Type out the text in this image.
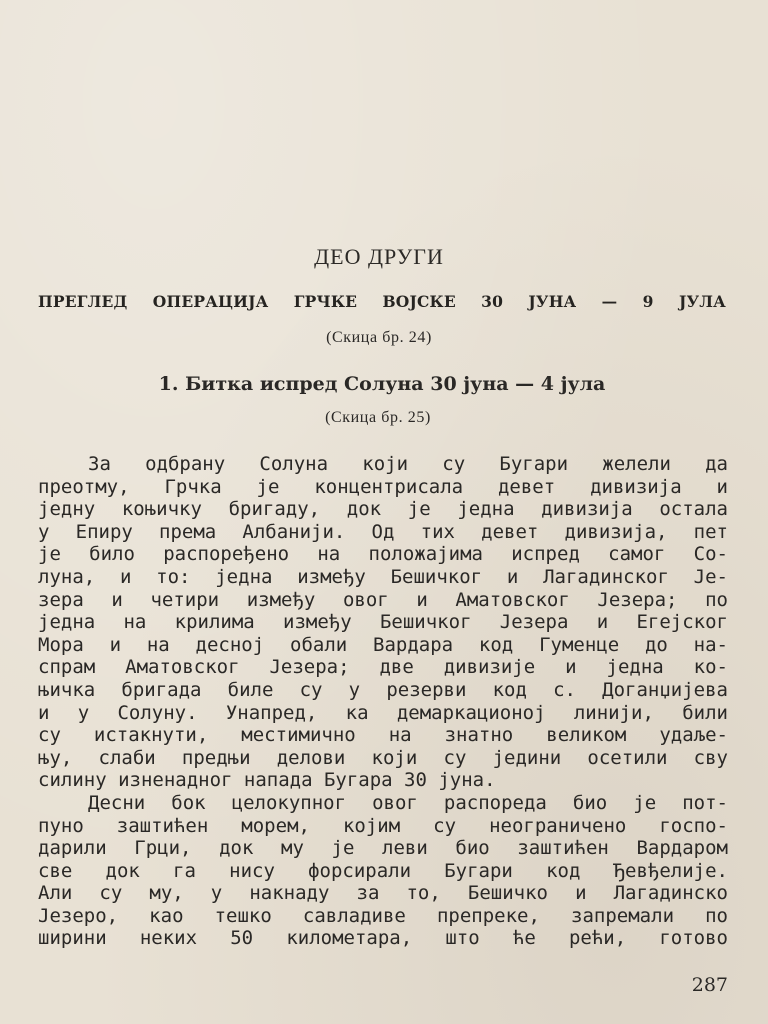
ДЕО ДРУГИ
ПРЕГЛЕД ОПЕРАЦИЈА ГРЧКЕ ВОЈСКЕ 30 ЈУНА — 9 ЈУЛА
(Скица бр. 24)
1. Битка испред Солуна 30 јуна — 4 јула
(Скица бр. 25)
За одбрану Солуна који су Бугари желели да
преотму, Грчка је концентрисала девет дивизија и
једну коњичку бригаду, док је једна дивизија остала
у Епиру према Албанији. Од тих девет дивизија, пет
је било распоређено на положајима испред самог Со-
луна, и то: једна између Бешичког и Лагадинског Је-
зера и четири између овог и Аматовског Језера; по
једна на крилима између Бешичког Језера и Егејског
Мора и на десној обали Вардара код Гуменце до на-
спрам Аматовског Језера; две дивизије и једна ко-
њичка бригада биле су у резерви код с. Доганџијева
и у Солуну. Унапред, ка демаркационој линији, били
су истакнути, местимично на знатно великом удаље-
њу, слаби предњи делови који су једини осетили сву
силину изненадног напада Бугара 30 јуна.
Десни бок целокупног овог распореда био је пот-
пуно заштићен морем, којим су неограничено госпо-
дарили Грци, док му је леви био заштићен Вардаром
све док га нису форсирали Бугари код Ђевђелије.
Али су му, у накнаду за то, Бешичко и Лагадинско
Језеро, као тешко савладиве препреке, запремали по
ширини неких 50 километара, што ће рећи, готово
287
